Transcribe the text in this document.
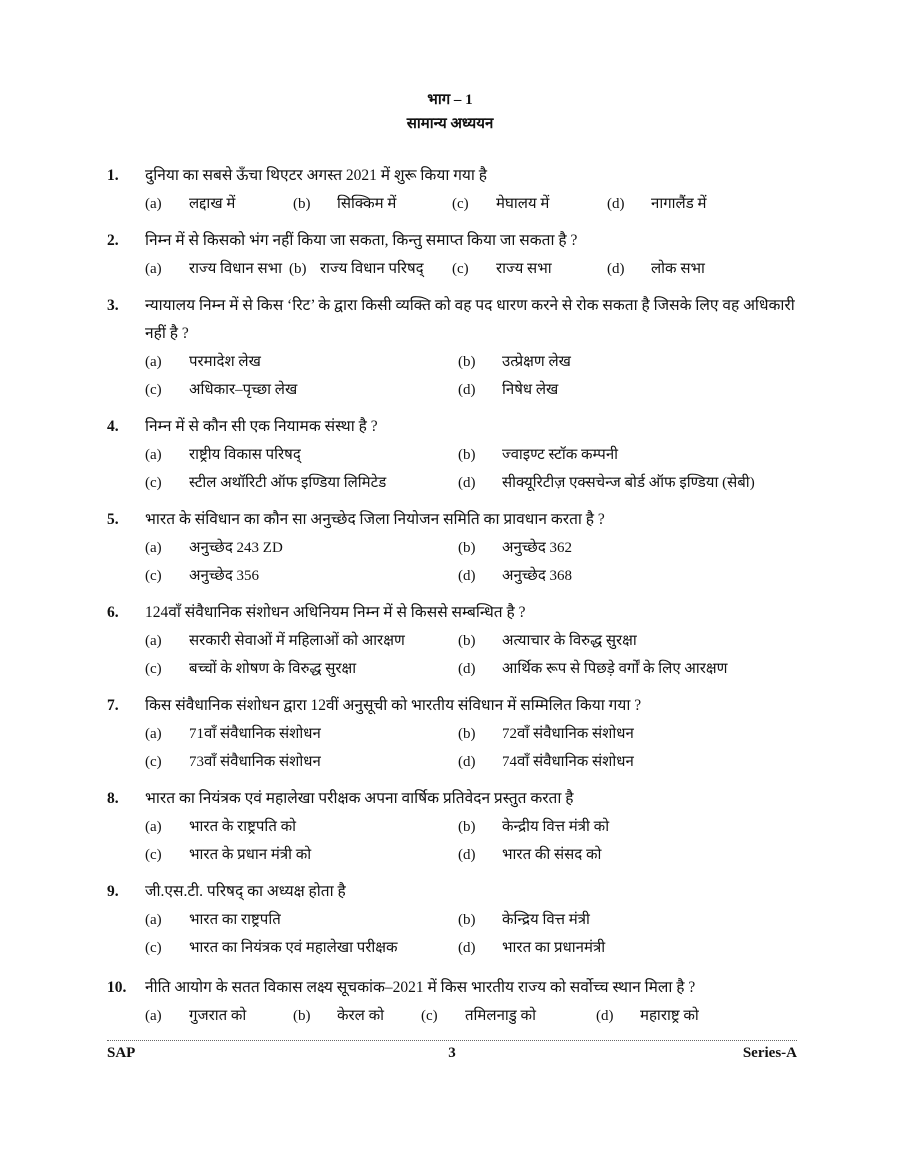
भाग – 1
सामान्य अध्ययन
1.	दुनिया का सबसे ऊँचा थिएटर अगस्त 2021 में शुरू किया गया है
(a)	लद्दाख में	(b)	सिक्किम में	(c)	मेघालय में	(d)	नागालैंड में
2.	निम्न में से किसको भंग नहीं किया जा सकता, किन्तु समाप्त किया जा सकता है ?
(a)	राज्य विधान सभा (b) राज्य विधान परिषद्	(c)	राज्य सभा	(d)	लोक सभा
3.	न्यायालय निम्न में से किस ‘रिट’ के द्वारा किसी व्यक्ति को वह पद धारण करने से रोक सकता है जिसके लिए वह अधिकारी नहीं है ?
(a)	परमादेश लेख	(b)	उत्प्रेक्षण लेख
(c)	अधिकार–पृच्छा लेख	(d)	निषेध लेख
4.	निम्न में से कौन सी एक नियामक संस्था है ?
(a)	राष्ट्रीय विकास परिषद्	(b)	ज्वाइण्ट स्टॉक कम्पनी
(c)	स्टील अथॉरिटी ऑफ इण्डिया लिमिटेड	(d)	सीक्यूरिटीज़ एक्सचेन्ज बोर्ड ऑफ इण्डिया (सेबी)
5.	भारत के संविधान का कौन सा अनुच्छेद जिला नियोजन समिति का प्रावधान करता है ?
(a)	अनुच्छेद 243 ZD	(b)	अनुच्छेद 362
(c)	अनुच्छेद 356	(d)	अनुच्छेद 368
6.	124वाँ संवैधानिक संशोधन अधिनियम निम्न में से किससे सम्बन्धित है ?
(a)	सरकारी सेवाओं में महिलाओं को आरक्षण	(b)	अत्याचार के विरुद्ध सुरक्षा
(c)	बच्चों के शोषण के विरुद्ध सुरक्षा	(d)	आर्थिक रूप से पिछड़े वर्गों के लिए आरक्षण
7.	किस संवैधानिक संशोधन द्वारा 12वीं अनुसूची को भारतीय संविधान में सम्मिलित किया गया ?
(a)	71वाँ संवैधानिक संशोधन	(b)	72वाँ संवैधानिक संशोधन
(c)	73वाँ संवैधानिक संशोधन	(d)	74वाँ संवैधानिक संशोधन
8.	भारत का नियंत्रक एवं महालेखा परीक्षक अपना वार्षिक प्रतिवेदन प्रस्तुत करता है
(a)	भारत के राष्ट्रपति को	(b)	केन्द्रीय वित्त मंत्री को
(c)	भारत के प्रधान मंत्री को	(d)	भारत की संसद को
9.	जी.एस.टी. परिषद् का अध्यक्ष होता है
(a)	भारत का राष्ट्रपति	(b)	केन्द्रिय वित्त मंत्री
(c)	भारत का नियंत्रक एवं महालेखा परीक्षक	(d)	भारत का प्रधानमंत्री
10.	नीति आयोग के सतत विकास लक्ष्य सूचकांक–2021 में किस भारतीय राज्य को सर्वोच्च स्थान मिला है ?
(a)	गुजरात को	(b)	केरल को	(c)	तमिलनाडु को	(d)	महाराष्ट्र को
SAP	3	Series-A
